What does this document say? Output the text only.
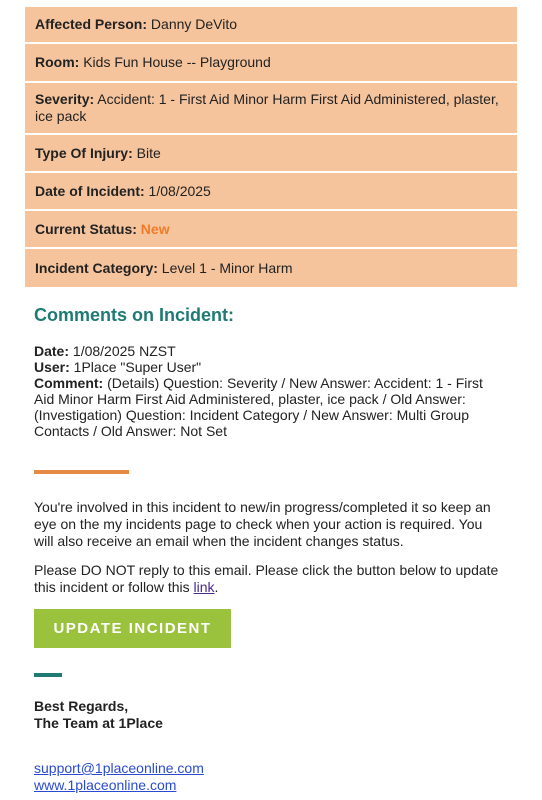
Affected Person: Danny DeVito
Room: Kids Fun House -- Playground
Severity: Accident: 1 - First Aid Minor Harm First Aid Administered, plaster, ice pack
Type Of Injury: Bite
Date of Incident: 1/08/2025
Current Status: New
Incident Category: Level 1 - Minor Harm
Comments on Incident:
Date: 1/08/2025 NZST
User: 1Place "Super User"
Comment: (Details) Question: Severity / New Answer: Accident: 1 - First Aid Minor Harm First Aid Administered, plaster, ice pack / Old Answer: (Investigation) Question: Incident Category / New Answer: Multi Group Contacts / Old Answer: Not Set
You're involved in this incident to new/in progress/completed it so keep an eye on the my incidents page to check when your action is required. You will also receive an email when the incident changes status.
Please DO NOT reply to this email. Please click the button below to update this incident or follow this link.
UPDATE INCIDENT
Best Regards,
The Team at 1Place
support@1placeonline.com
www.1placeonline.com
